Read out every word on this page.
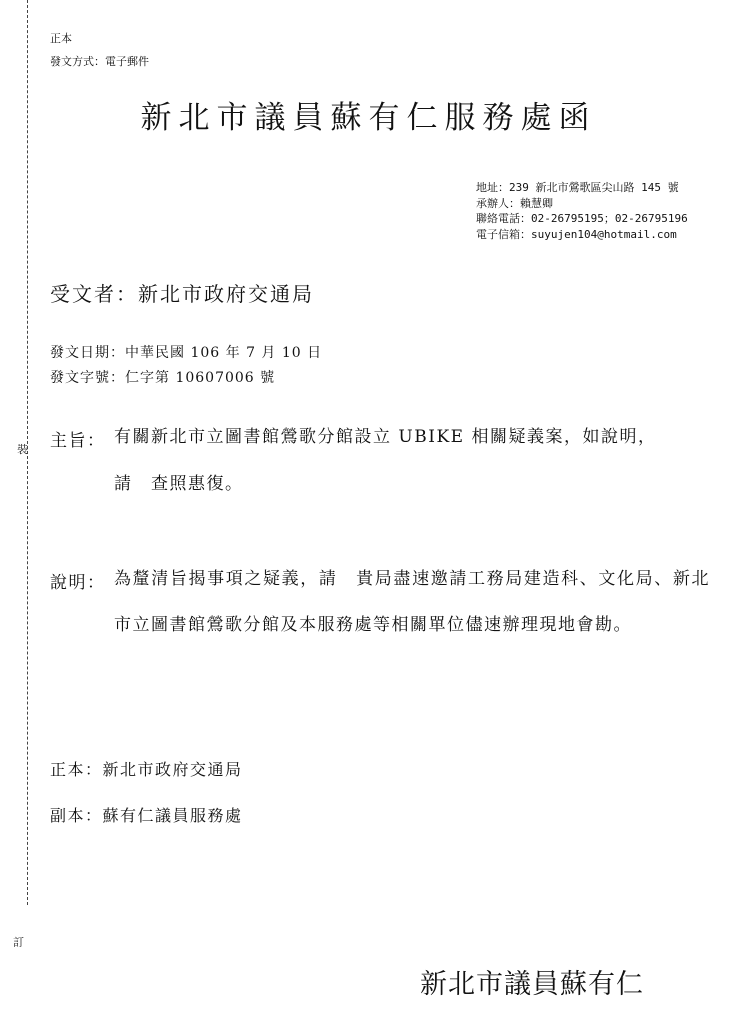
裝
訂
正本
發文方式：電子郵件
新北市議員蘇有仁服務處函
地址：239 新北市鶯歌區尖山路 145 號
承辦人：賴慧卿
聯絡電話：02-26795195；02-26795196
電子信箱：suyujen104@hotmail.com
受文者：新北市政府交通局
發文日期：中華民國 106 年 7 月 10 日
發文字號：仁字第 10607006 號
主旨： 有關新北市立圖書館鶯歌分館設立 UBIKE 相關疑義案，如說明，
請　查照惠復。
說明： 為釐清旨揭事項之疑義，請　貴局盡速邀請工務局建造科、文化局、新北市立圖書館鶯歌分館及本服務處等相關單位儘速辦理現地會勘。
正本：新北市政府交通局
副本：蘇有仁議員服務處
新北市議員蘇有仁
